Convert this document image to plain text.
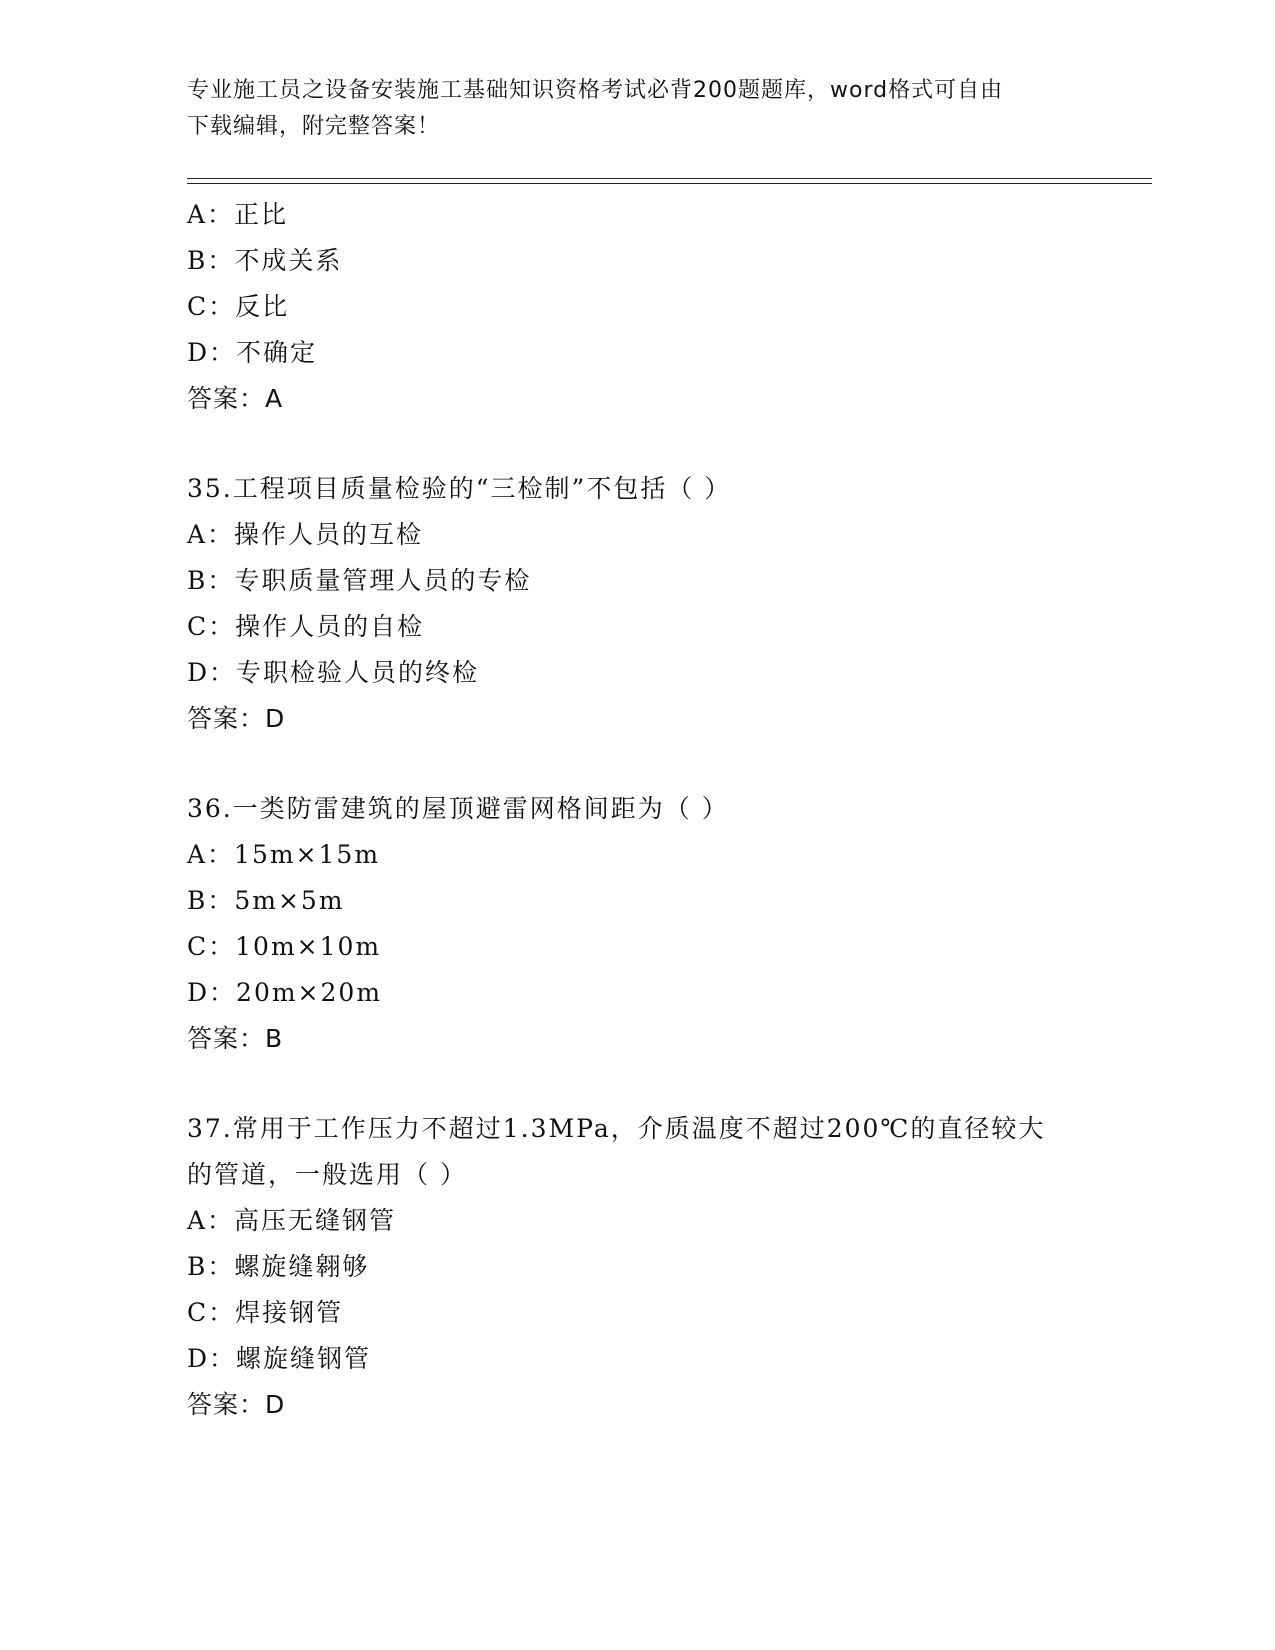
专业施工员之设备安装施工基础知识资格考试必背200题题库，word格式可自由
下载编辑，附完整答案！
A：正比
B：不成关系
C：反比
D：不确定
答案：A
35.工程项目质量检验的“三检制”不包括（ ）
A：操作人员的互检
B：专职质量管理人员的专检
C：操作人员的自检
D：专职检验人员的终检
答案：D
36.一类防雷建筑的屋顶避雷网格间距为（ ）
A：15m×15m
B：5m×5m
C：10m×10m
D：20m×20m
答案：B
37.常用于工作压力不超过1.3MPa，介质温度不超过200℃的直径较大
的管道，一般选用（ ）
A：高压无缝钢管
B：螺旋缝翱够
C：焊接钢管
D：螺旋缝钢管
答案：D
